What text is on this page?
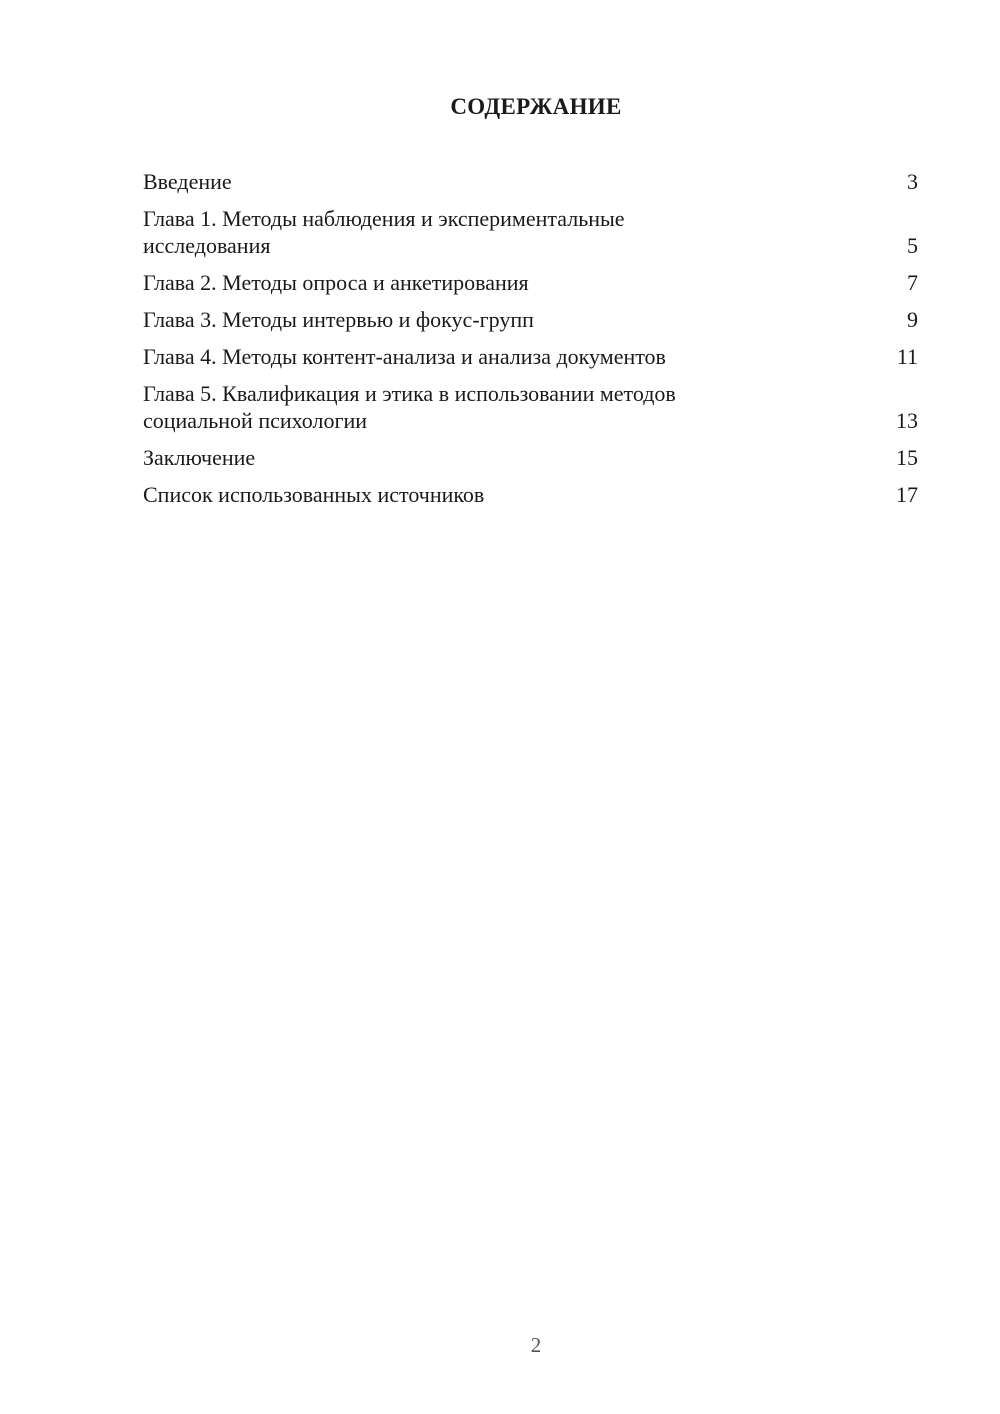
СОДЕРЖАНИЕ
Введение	3
Глава 1. Методы наблюдения и экспериментальные
исследования	5
Глава 2. Методы опроса и анкетирования	7
Глава 3. Методы интервью и фокус-групп	9
Глава 4. Методы контент-анализа и анализа документов	11
Глава 5. Квалификация и этика в использовании методов
социальной психологии	13
Заключение	15
Список использованных источников	17
2
